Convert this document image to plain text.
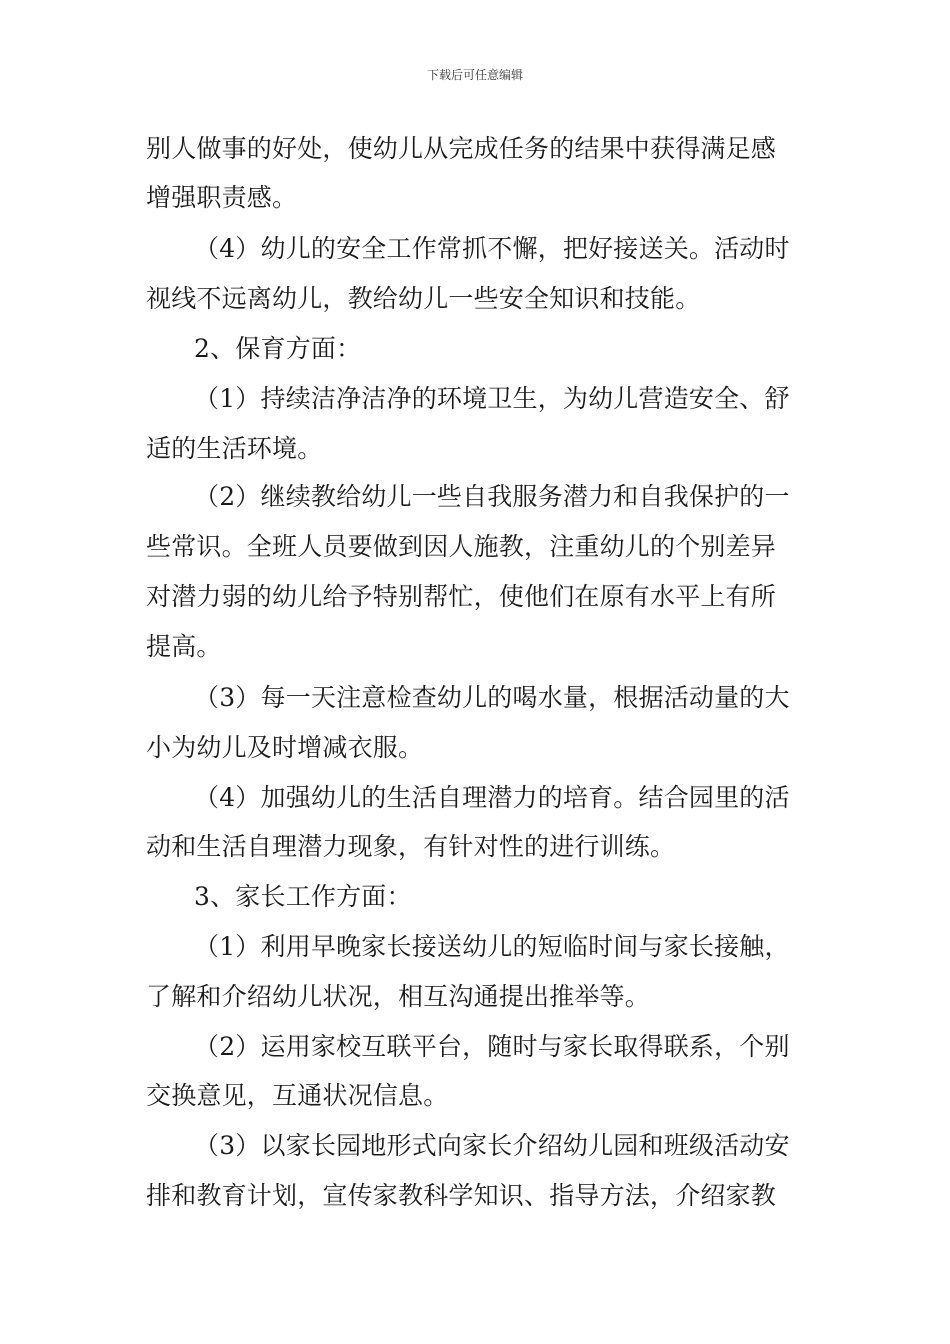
下载后可任意编辑
别人做事的好处，使幼儿从完成任务的结果中获得满足感
增强职责感。
（4）幼儿的安全工作常抓不懈，把好接送关。活动时
视线不远离幼儿，教给幼儿一些安全知识和技能。
2、保育方面：
（1）持续洁净洁净的环境卫生，为幼儿营造安全、舒
适的生活环境。
（2）继续教给幼儿一些自我服务潜力和自我保护的一
些常识。全班人员要做到因人施教，注重幼儿的个别差异
对潜力弱的幼儿给予特别帮忙，使他们在原有水平上有所
提高。
（3）每一天注意检查幼儿的喝水量，根据活动量的大
小为幼儿及时增减衣服。
（4）加强幼儿的生活自理潜力的培育。结合园里的活
动和生活自理潜力现象，有针对性的进行训练。
3、家长工作方面：
（1）利用早晚家长接送幼儿的短临时间与家长接触，
了解和介绍幼儿状况，相互沟通提出推举等。
（2）运用家校互联平台，随时与家长取得联系，个别
交换意见，互通状况信息。
（3）以家长园地形式向家长介绍幼儿园和班级活动安
排和教育计划，宣传家教科学知识、指导方法，介绍家教
